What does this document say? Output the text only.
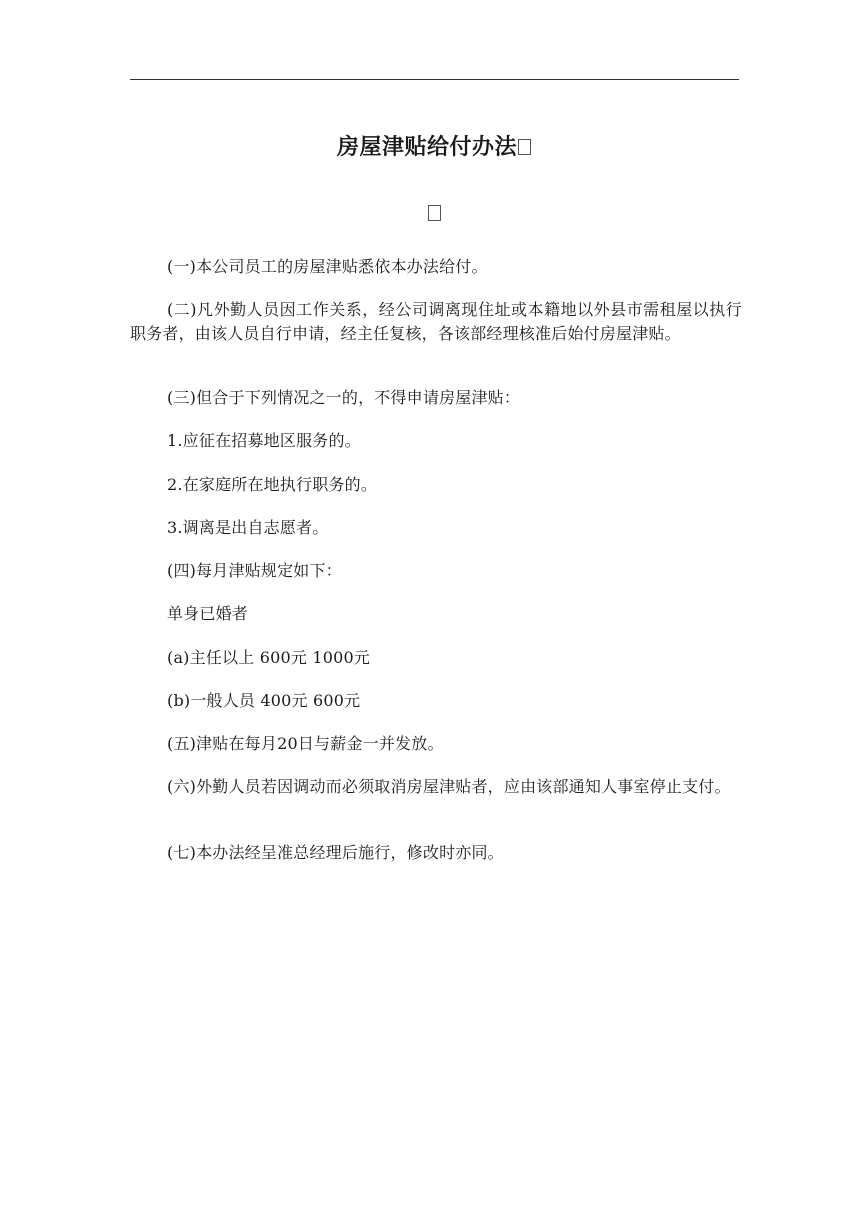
房屋津贴给付办法

(一)本公司员工的房屋津贴悉依本办法给付。

(二)凡外勤人员因工作关系，经公司调离现住址或本籍地以外县市需租屋以执行职务者，由该人员自行申请，经主任复核，各该部经理核准后始付房屋津贴。

(三)但合于下列情况之一的，不得申请房屋津贴：

1.应征在招募地区服务的。

2.在家庭所在地执行职务的。

3.调离是出自志愿者。

(四)每月津贴规定如下：

单身已婚者

(a)主任以上 600元 1000元

(b)一般人员 400元 600元

(五)津贴在每月20日与薪金一并发放。

(六)外勤人员若因调动而必须取消房屋津贴者，应由该部通知人事室停止支付。

(七)本办法经呈准总经理后施行，修改时亦同。
